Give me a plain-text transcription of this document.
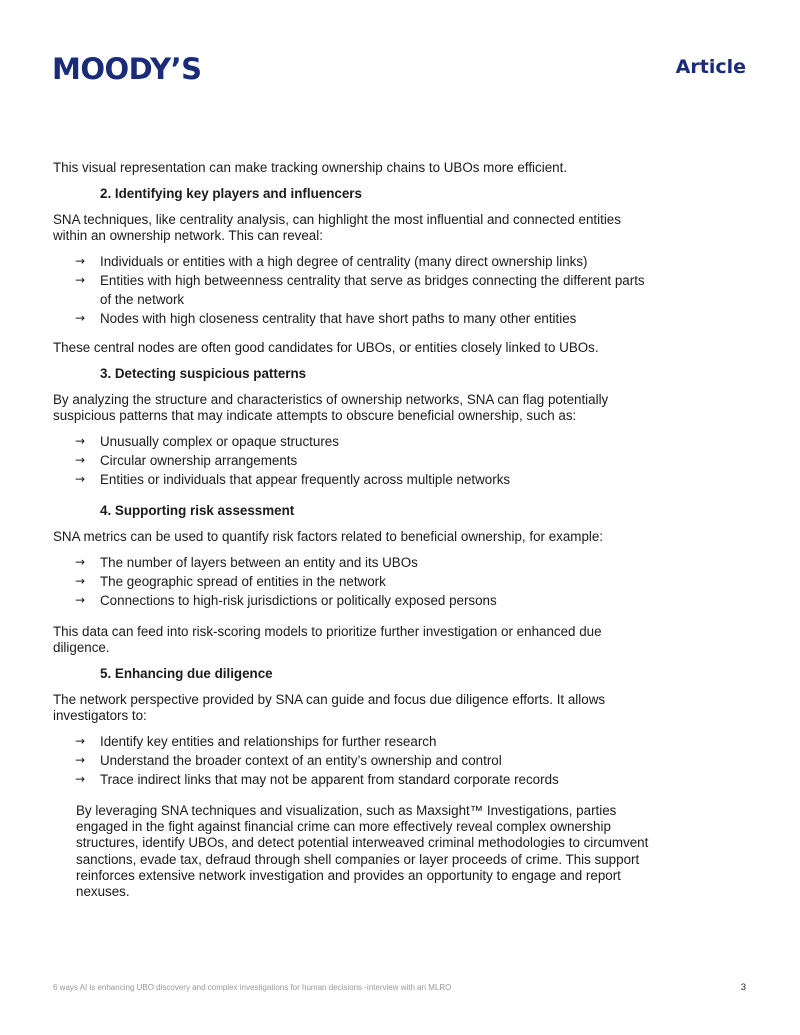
MOODY’S	Article

This visual representation can make tracking ownership chains to UBOs more efficient.

2. Identifying key players and influencers

SNA techniques, like centrality analysis, can highlight the most influential and connected entities within an ownership network. This can reveal:

→ Individuals or entities with a high degree of centrality (many direct ownership links)
→ Entities with high betweenness centrality that serve as bridges connecting the different parts of the network
→ Nodes with high closeness centrality that have short paths to many other entities

These central nodes are often good candidates for UBOs, or entities closely linked to UBOs.

3. Detecting suspicious patterns

By analyzing the structure and characteristics of ownership networks, SNA can flag potentially suspicious patterns that may indicate attempts to obscure beneficial ownership, such as:

→ Unusually complex or opaque structures
→ Circular ownership arrangements
→ Entities or individuals that appear frequently across multiple networks

4. Supporting risk assessment

SNA metrics can be used to quantify risk factors related to beneficial ownership, for example:

→ The number of layers between an entity and its UBOs
→ The geographic spread of entities in the network
→ Connections to high-risk jurisdictions or politically exposed persons

This data can feed into risk-scoring models to prioritize further investigation or enhanced due diligence.

5. Enhancing due diligence

The network perspective provided by SNA can guide and focus due diligence efforts. It allows investigators to:

→ Identify key entities and relationships for further research
→ Understand the broader context of an entity’s ownership and control
→ Trace indirect links that may not be apparent from standard corporate records

By leveraging SNA techniques and visualization, such as Maxsight™ Investigations, parties engaged in the fight against financial crime can more effectively reveal complex ownership structures, identify UBOs, and detect potential interweaved criminal methodologies to circumvent sanctions, evade tax, defraud through shell companies or layer proceeds of crime. This support reinforces extensive network investigation and provides an opportunity to engage and report nexuses.

6 ways AI is enhancing UBO discovery and complex investigations for human decisions -interview with an MLRO	3
